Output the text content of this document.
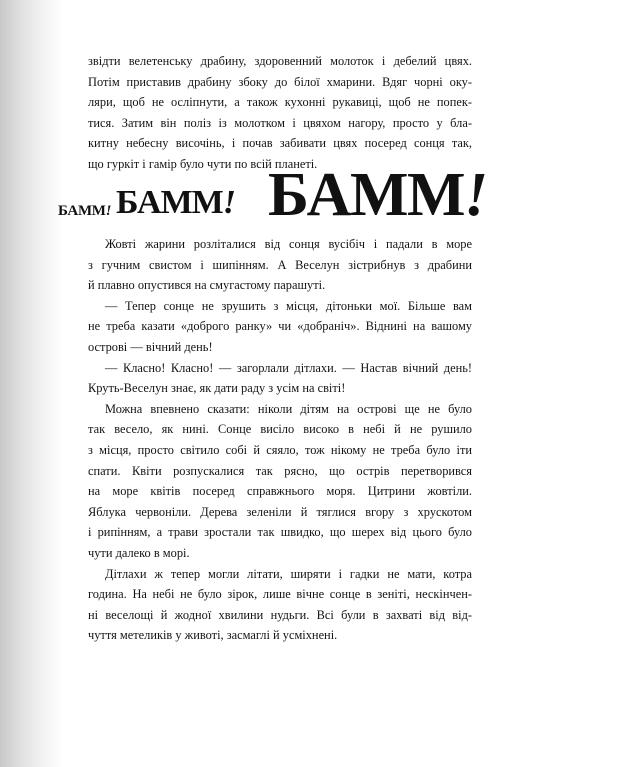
звідти велетенську драбину, здоровенний молоток і дебелий цвях.
Потім приставив драбину збоку до білої хмарини. Вдяг чорні оку-
ляри, щоб не осліпнути, а також кухонні рукавиці, щоб не попек-
тися. Затим він поліз із молотком і цвяхом нагору, просто у бла-
китну небесну височінь, і почав забивати цвях посеред сонця так,
що гуркіт і гамір було чути по всій планеті.
БАММ! БАММ! БАММ!
Жовті жарини розліталися від сонця вусібіч і падали в море
з гучним свистом і шипінням. А Веселун зістрибнув з драбини
й плавно опустився на смугастому парашуті.
— Тепер сонце не зрушить з місця, дітоньки мої. Більше вам
не треба казати «доброго ранку» чи «добраніч». Віднині на вашому
острові — вічний день!
— Класно! Класно! — загорлали дітлахи. — Настав вічний день!
Круть-Веселун знає, як дати раду з усім на світі!
Можна впевнено сказати: ніколи дітям на острові ще не було
так весело, як нині. Сонце висіло високо в небі й не рушило
з місця, просто світило собі й сяяло, тож нікому не треба було іти
спати. Квіти розпускалися так рясно, що острів перетворився
на море квітів посеред справжнього моря. Цитрини жовтіли.
Яблука червоніли. Дерева зеленіли й тяглися вгору з хрускотом
і рипінням, а трави зростали так швидко, що шерех від цього було
чути далеко в морі.
Дітлахи ж тепер могли літати, ширяти і гадки не мати, котра
година. На небі не було зірок, лише вічне сонце в зеніті, нескінчен-
ні веселощі й жодної хвилини нудьги. Всі були в захваті від від-
чуття метеликів у животі, засмаглі й усміхнені.
